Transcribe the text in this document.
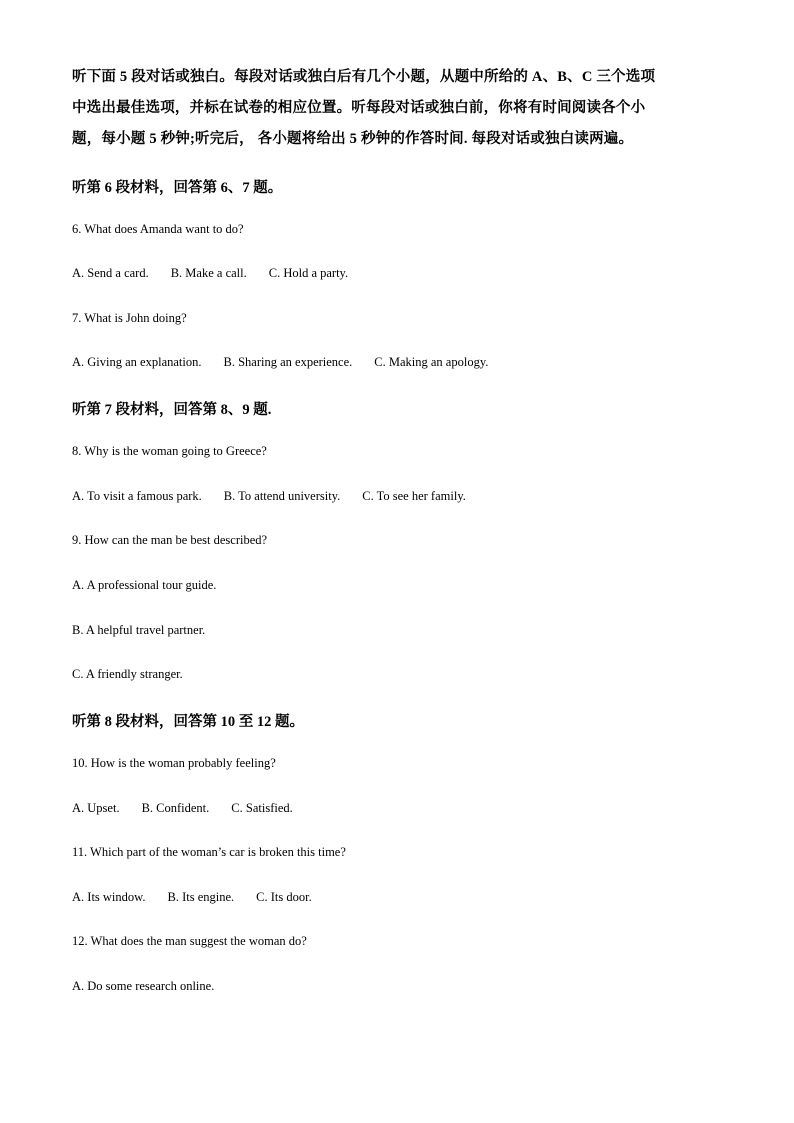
听下面 5 段对话或独白。每段对话或独白后有几个小题，从题中所给的 A、B、C 三个选项
中选出最佳选项，并标在试卷的相应位置。听每段对话或独白前，你将有时间阅读各个小
题，每小题 5 秒钟;听完后， 各小题将给出 5 秒钟的作答时间. 每段对话或独白读两遍。
听第 6 段材料，回答第 6、7 题。
6. What does Amanda want to do?
A. Send a card. B. Make a call. C. Hold a party.
7. What is John doing?
A. Giving an explanation. B. Sharing an experience. C. Making an apology.
听第 7 段材料，回答第 8、9 题.
8. Why is the woman going to Greece?
A. To visit a famous park. B. To attend university. C. To see her family.
9. How can the man be best described?
A. A professional tour guide.
B. A helpful travel partner.
C. A friendly stranger.
听第 8 段材料，回答第 10 至 12 题。
10. How is the woman probably feeling?
A. Upset. B. Confident. C. Satisfied.
11. Which part of the woman’s car is broken this time?
A. Its window. B. Its engine. C. Its door.
12. What does the man suggest the woman do?
A. Do some research online.
